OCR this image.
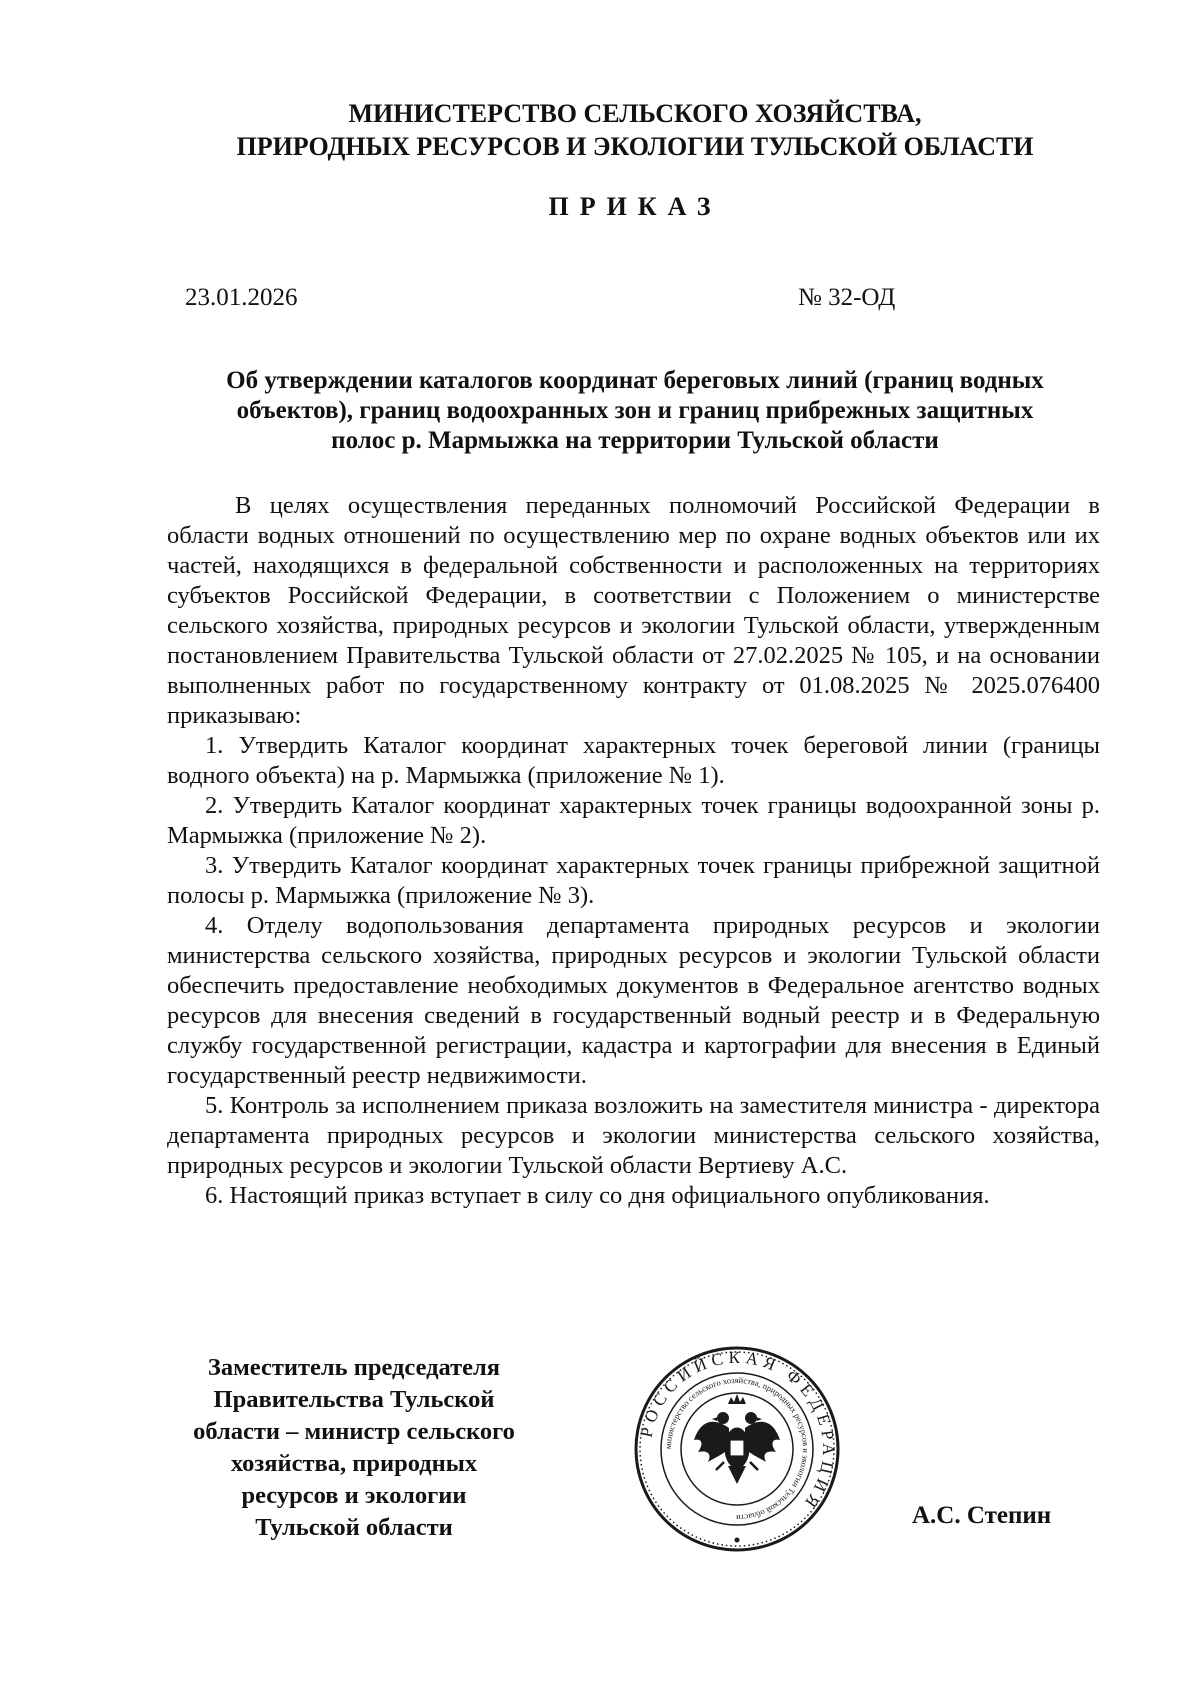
МИНИСТЕРСТВО СЕЛЬСКОГО ХОЗЯЙСТВА,
ПРИРОДНЫХ РЕСУРСОВ И ЭКОЛОГИИ ТУЛЬСКОЙ ОБЛАСТИ
ПРИКАЗ
23.01.2026	№ 32-ОД
Об утверждении каталогов координат береговых линий (границ водных
объектов), границ водоохранных зон и границ прибрежных защитных
полос р. Мармыжка на территории Тульской области

В целях осуществления переданных полномочий Российской Федерации в области водных отношений по осуществлению мер по охране водных объектов или их частей, находящихся в федеральной собственности и расположенных на территориях субъектов Российской Федерации, в соответствии с Положением о министерстве сельского хозяйства, природных ресурсов и экологии Тульской области, утвержденным постановлением Правительства Тульской области от 27.02.2025 № 105, и на основании выполненных работ по государственному контракту от 01.08.2025 № 2025.076400 приказываю:

1. Утвердить Каталог координат характерных точек береговой линии (границы водного объекта) на р. Мармыжка (приложение № 1).

2. Утвердить Каталог координат характерных точек границы водоохранной зоны р. Мармыжка (приложение № 2).

3. Утвердить Каталог координат характерных точек границы прибрежной защитной полосы р. Мармыжка (приложение № 3).

4. Отделу водопользования департамента природных ресурсов и экологии министерства сельского хозяйства, природных ресурсов и экологии Тульской области обеспечить предоставление необходимых документов в Федеральное агентство водных ресурсов для внесения сведений в государственный водный реестр и в Федеральную службу государственной регистрации, кадастра и картографии для внесения в Единый государственный реестр недвижимости.

5. Контроль за исполнением приказа возложить на заместителя министра - директора департамента природных ресурсов и экологии министерства сельского хозяйства, природных ресурсов и экологии Тульской области Вертиеву А.С.

6. Настоящий приказ вступает в силу со дня официального опубликования.

Заместитель председателя
Правительства Тульской
области – министр сельского
хозяйства, природных
ресурсов и экологии
Тульской области
РОССИЙСКАЯ ФЕДЕРАЦИЯ
министерство сельского хозяйства, природных ресурсов и экологии Тульской области	А.С. Степин
